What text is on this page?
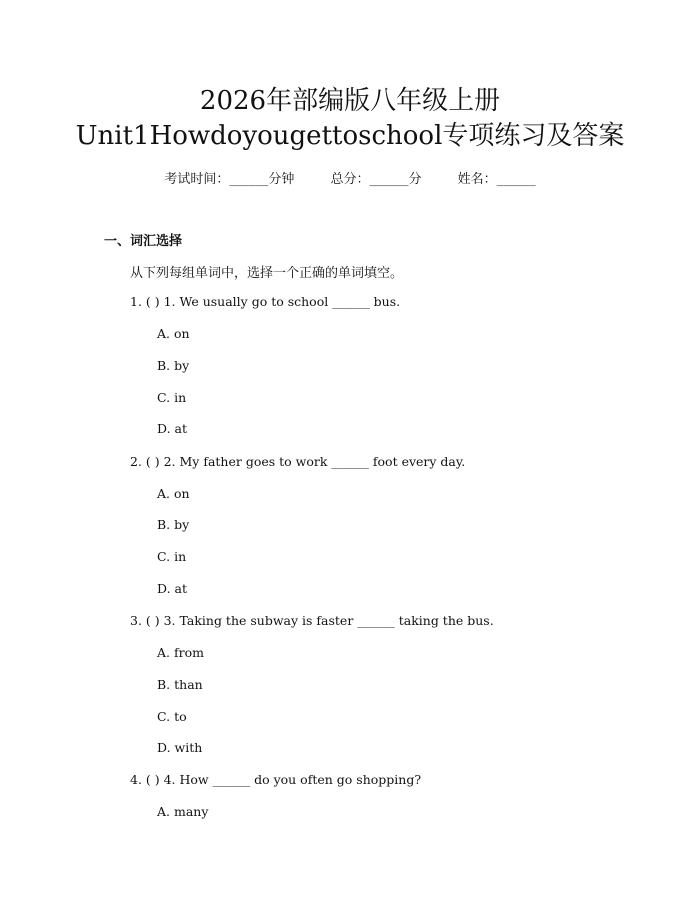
2026年部编版八年级上册
Unit1Howdoyougettoschool专项练习及答案
考试时间：______分钟	总分：______分	姓名：______
一、词汇选择
从下列每组单词中，选择一个正确的单词填空。
1. ( ) 1. We usually go to school ______ bus.
A. on
B. by
C. in
D. at
2. ( ) 2. My father goes to work ______ foot every day.
A. on
B. by
C. in
D. at
3. ( ) 3. Taking the subway is faster ______ taking the bus.
A. from
B. than
C. to
D. with
4. ( ) 4. How ______ do you often go shopping?
A. many
